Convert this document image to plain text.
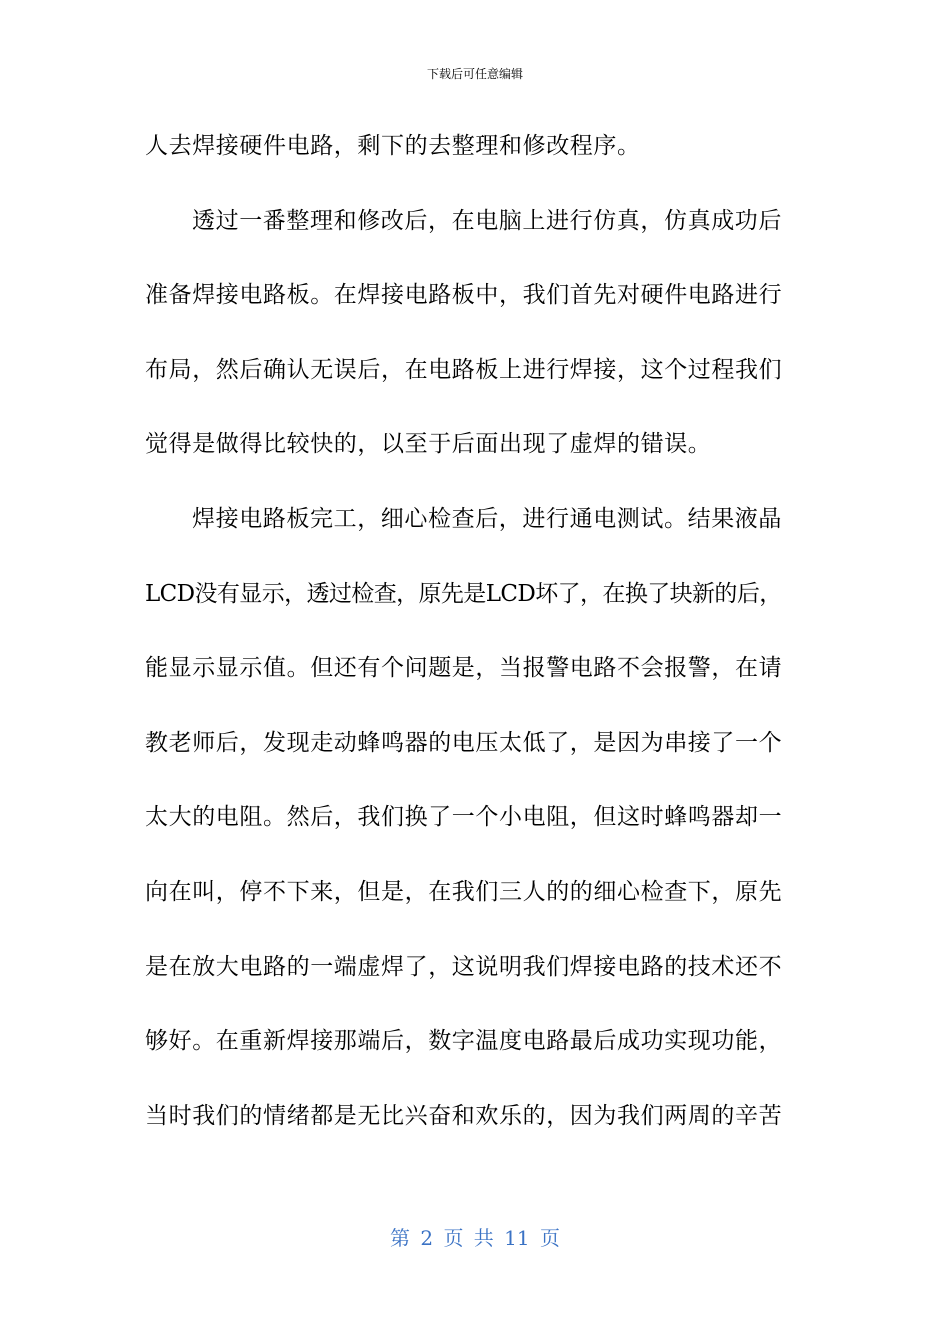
下载后可任意编辑
人去焊接硬件电路，剩下的去整理和修改程序。
透过一番整理和修改后，在电脑上进行仿真，仿真成功后
准备焊接电路板。在焊接电路板中，我们首先对硬件电路进行
布局，然后确认无误后，在电路板上进行焊接，这个过程我们
觉得是做得比较快的，以至于后面出现了虚焊的错误。
焊接电路板完工，细心检查后，进行通电测试。结果液晶
LCD没有显示，透过检查，原先是LCD坏了，在换了块新的后，
能显示显示值。但还有个问题是，当报警电路不会报警，在请
教老师后，发现走动蜂鸣器的电压太低了，是因为串接了一个
太大的电阻。然后，我们换了一个小电阻，但这时蜂鸣器却一
向在叫，停不下来，但是，在我们三人的的细心检查下，原先
是在放大电路的一端虚焊了，这说明我们焊接电路的技术还不
够好。在重新焊接那端后，数字温度电路最后成功实现功能，
当时我们的情绪都是无比兴奋和欢乐的，因为我们两周的辛苦
第 2 页 共 11 页
